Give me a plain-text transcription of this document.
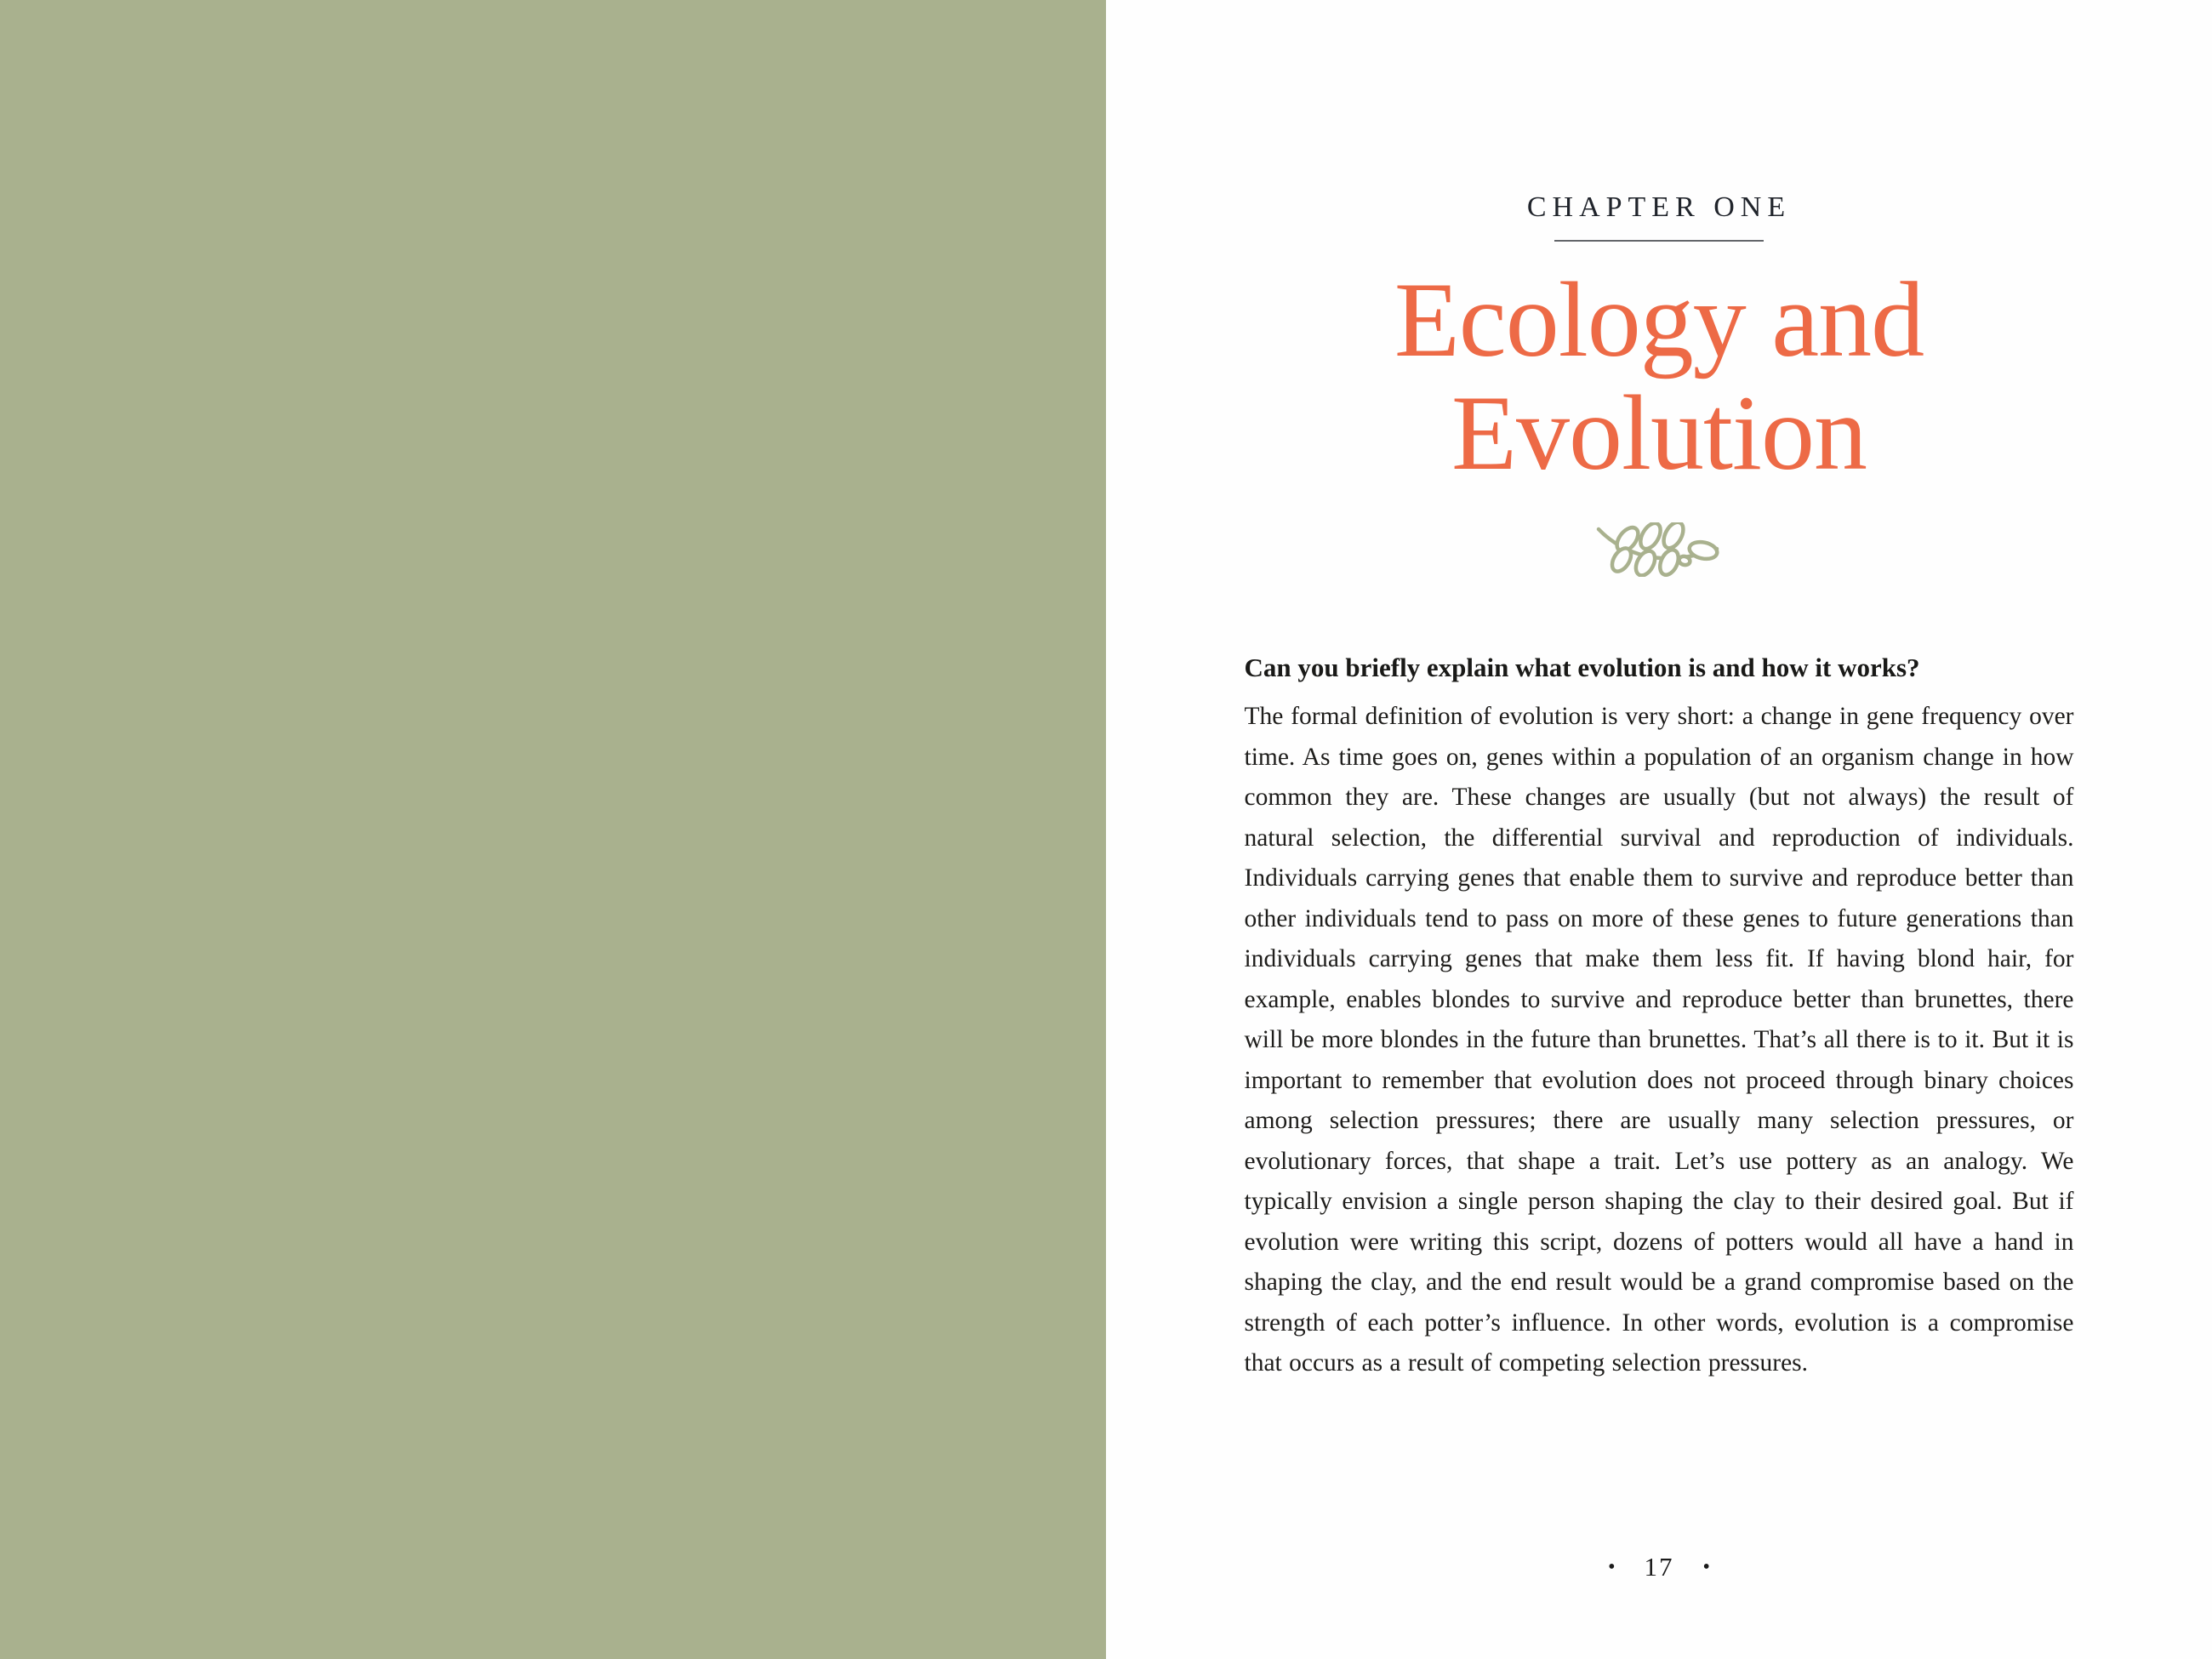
CHAPTER ONE
Ecology and
Evolution
Can you briefly explain what evolution is and how it works?

The formal definition of evolution is very short: a change in gene frequency over time. As time goes on, genes within a population of an organism change in how common they are. These changes are usually (but not always) the result of natural selection, the differential survival and reproduction of individuals. Individuals carrying genes that enable them to survive and reproduce better than other individuals tend to pass on more of these genes to future generations than individuals carrying genes that make them less fit. If having blond hair, for example, enables blondes to survive and reproduce better than brunettes, there will be more blondes in the future than brunettes. That’s all there is to it. But it is important to remember that evolution does not proceed through binary choices among selection pressures; there are usually many selection pressures, or evolutionary forces, that shape a trait. Let’s use pottery as an analogy. We typically envision a single person shaping the clay to their desired goal. But if evolution were writing this script, dozens of potters would all have a hand in shaping the clay, and the end result would be a grand compromise based on the strength of each potter’s influence. In other words, evolution is a compromise that occurs as a result of competing selection pressures.

• 17 •
